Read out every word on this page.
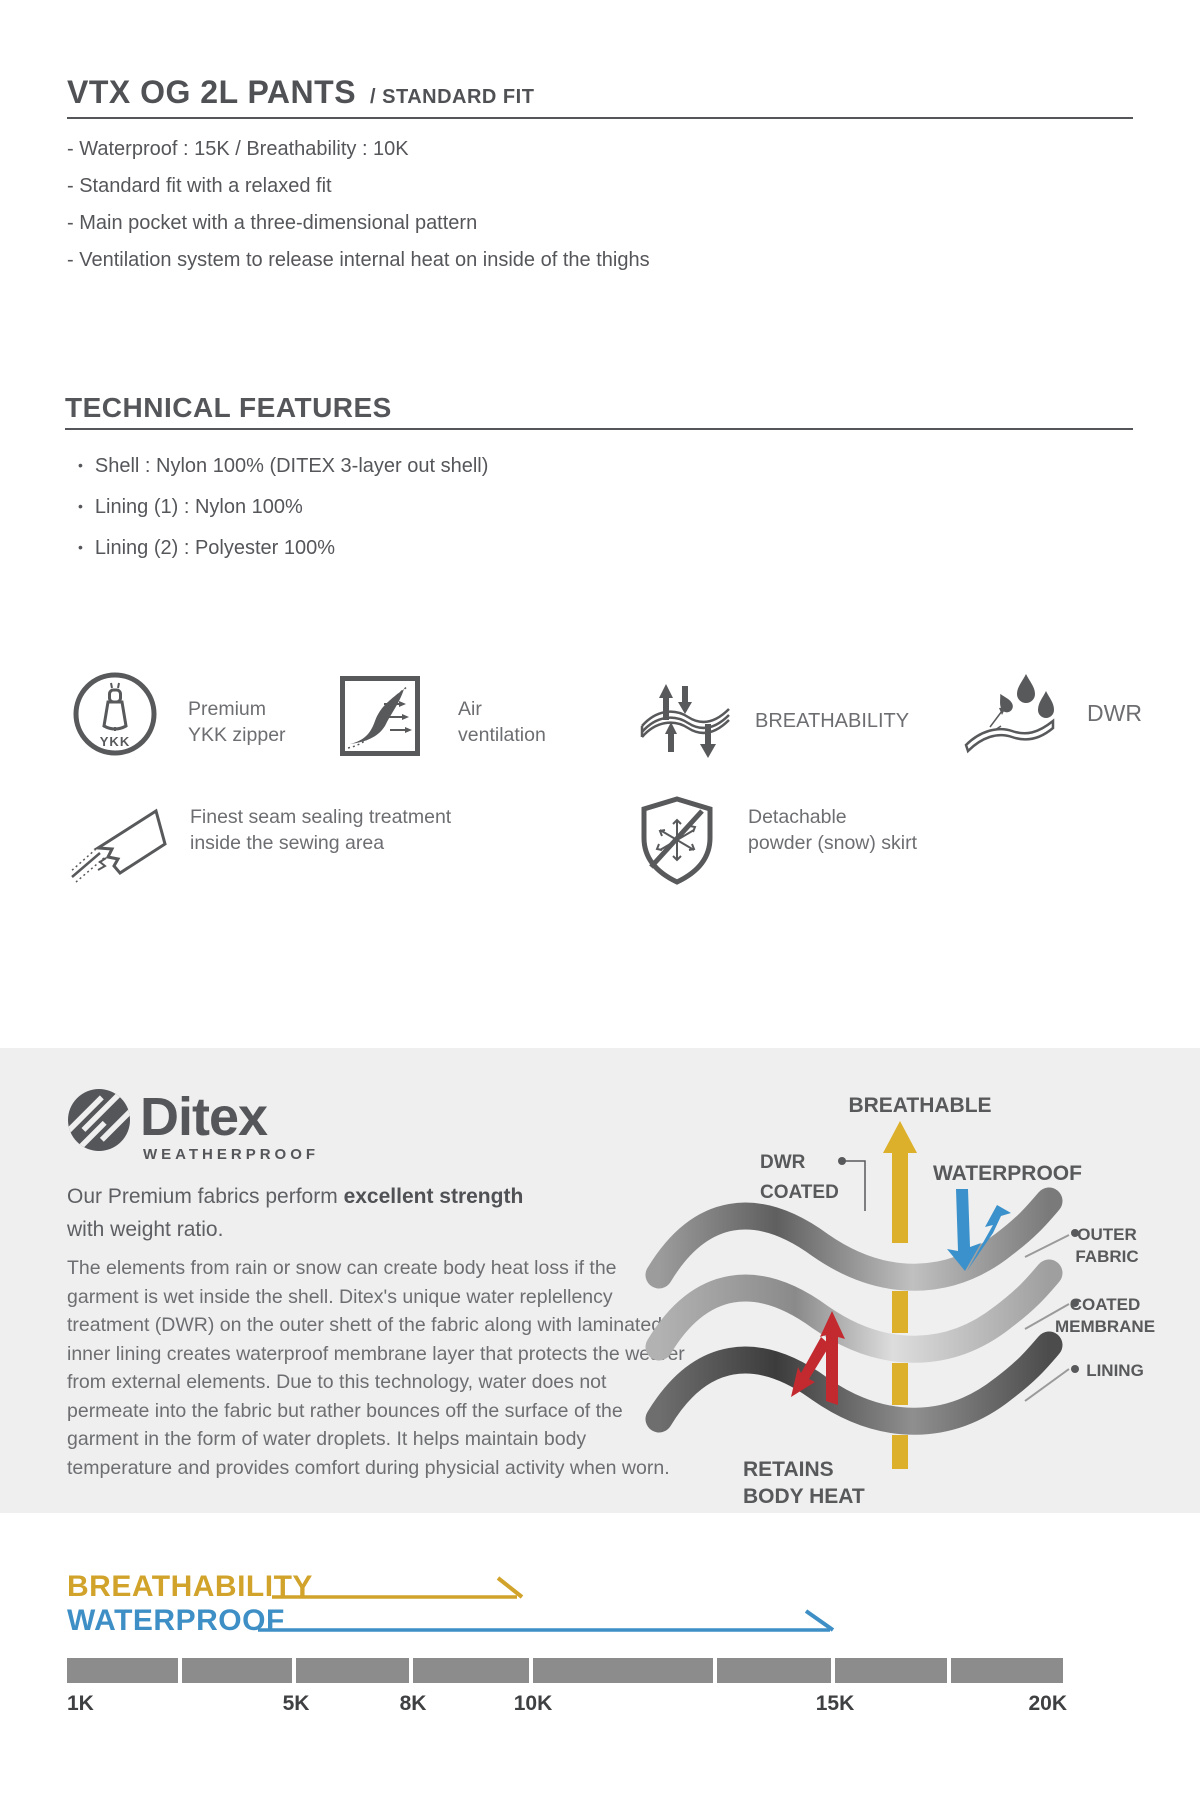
VTX OG 2L PANTS / STANDARD FIT
- Waterproof : 15K / Breathability : 10K
- Standard fit with a relaxed fit
- Main pocket with a three-dimensional pattern
- Ventilation system to release internal heat on inside of the thighs
TECHNICAL FEATURES
• Shell : Nylon 100% (DITEX 3-layer out shell)
• Lining (1) : Nylon 100%
• Lining (2) : Polyester 100%
YKK
Premium
YKK zipper
Air
ventilation
BREATHABILITY	DWR
Finest seam sealing treatment
inside the sewing area
Detachable
powder (snow) skirt
Ditex
WEATHERPROOF
Our Premium fabrics perform excellent strength
with weight ratio.
The elements from rain or snow can create body heat loss if the garment is wet inside the shell. Ditex's unique water replellency treatment (DWR) on the outer shett of the fabric along with laminated inner lining creates waterproof membrane layer that protects the wearer from external elements. Due to this technology, water does not permeate into the fabric but rather bounces off the surface of the garment in the form of water droplets. It helps maintain body temperature and provides comfort during physicial activity when worn.
BREATHABLE
DWR
COATED
WATERPROOF
RETAINS
BODY HEAT
OUTER
FABRIC
COATED
MEMBRANE
LINING
BREATHABILITY
WATERPROOF
1K	5K	8K	10K	15K	20K
